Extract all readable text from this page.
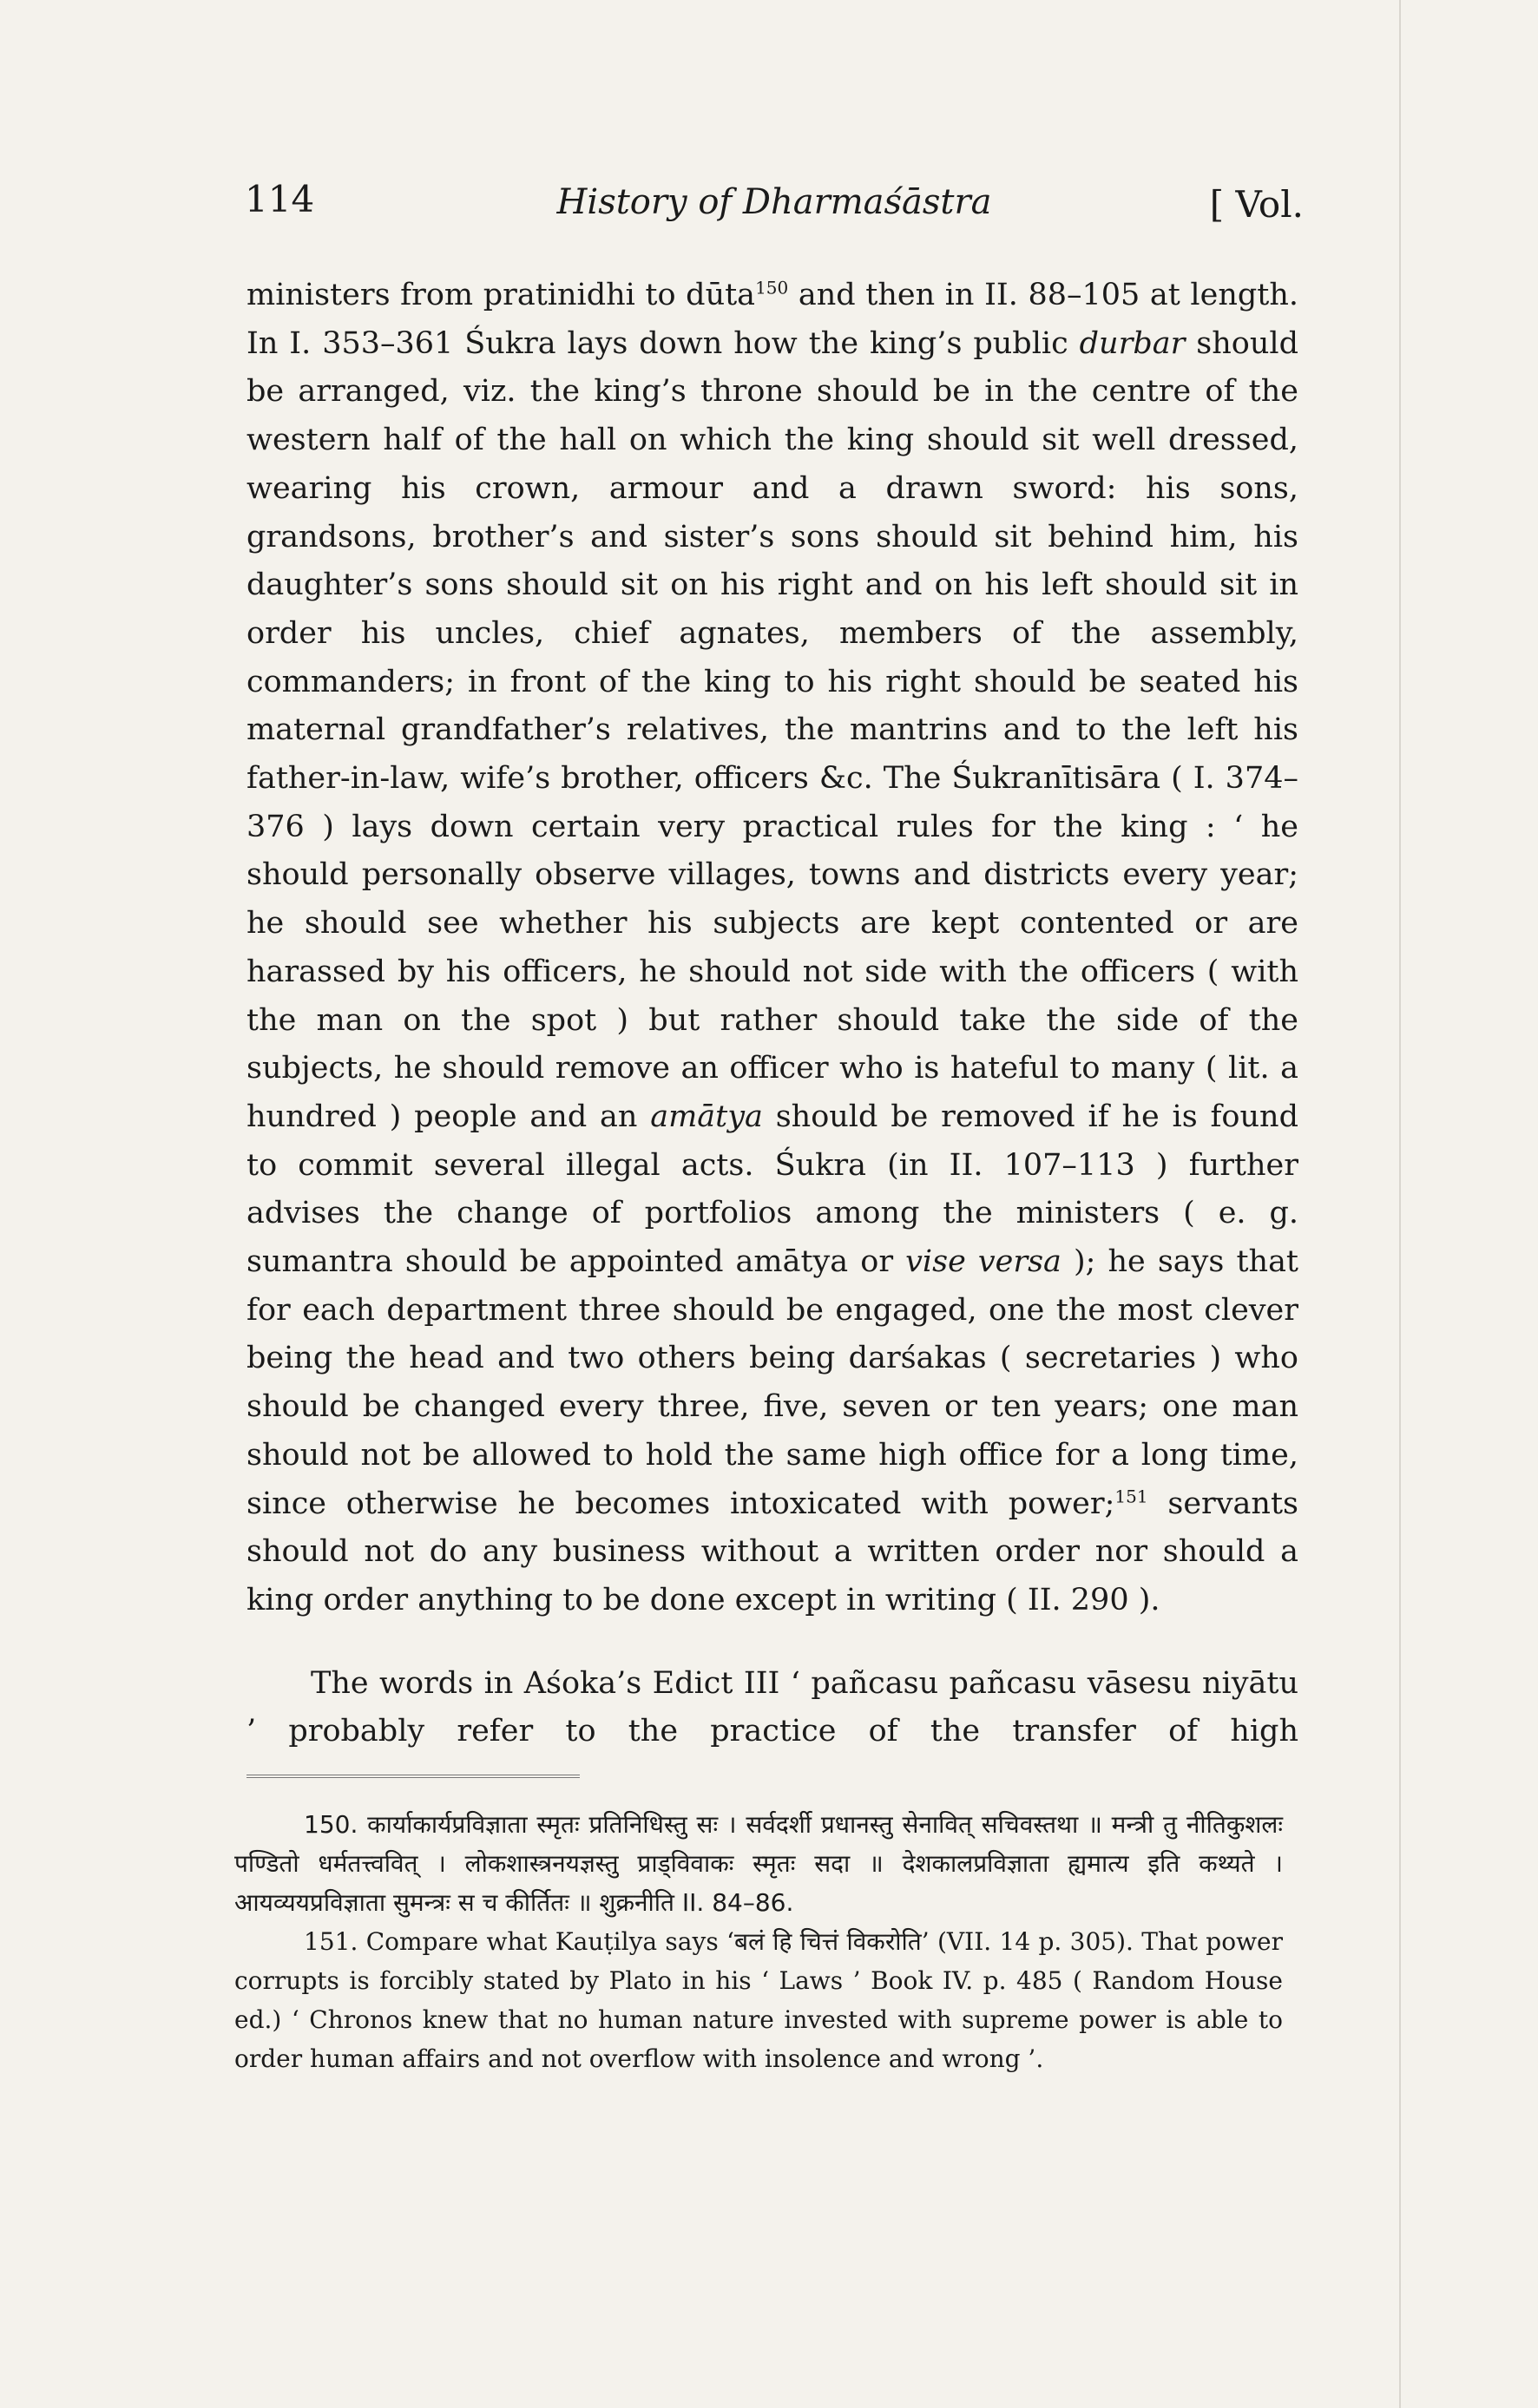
114	History of Dharmaśāstra	[ Vol.

ministers from pratinidhi to dūta$^{150}$ and then in II. 88–105 at length. In I. 353–361 Śukra lays down how the king’s public durbar should be arranged, viz. the king’s throne should be in the centre of the western half of the hall on which the king should sit well dressed, wearing his crown, armour and a drawn sword: his sons, grandsons, brother’s and sister’s sons should sit behind him, his daughter’s sons should sit on his right and on his left should sit in order his uncles, chief agnates, members of the assembly, commanders; in front of the king to his right should be seated his maternal grandfather’s relatives, the mantrins and to the left his father-in-law, wife’s brother, officers &c. The Śukranītisāra ( I. 374–376 ) lays down certain very practical rules for the king : ‘ he should personally observe villages, towns and districts every year; he should see whether his subjects are kept contented or are harassed by his officers, he should not side with the officers ( with the man on the spot ) but rather should take the side of the subjects, he should remove an officer who is hateful to many ( lit. a hundred ) people and an amātya should be removed if he is found to commit several illegal acts. Śukra (in II. 107–113 ) further advises the change of portfolios among the ministers ( e. g. sumantra should be appointed amātya or vise versa ); he says that for each department three should be engaged, one the most clever being the head and two others being darśakas ( secretaries ) who should be changed every three, five, seven or ten years; one man should not be allowed to hold the same high office for a long time, since otherwise he becomes intoxicated with power;$^{151}$ servants should not do any business without a written order nor should a king order anything to be done except in writing ( II. 290 ).

The words in Aśoka’s Edict III ‘ pañcasu pañcasu vāsesu niyātu ’ probably refer to the practice of the transfer of high

150. कार्याकार्यप्रविज्ञाता स्मृतः प्रतिनिधिस्तु सः । सर्वदर्शी प्रधानस्तु सेनावित् सचिवस्तथा ॥ मन्त्री तु नीतिकुशलः पण्डितो धर्मतत्त्ववित् । लोकशास्त्रनयज्ञस्तु प्राड्विवाकः स्मृतः सदा ॥ देशकालप्रविज्ञाता ह्यमात्य इति कथ्यते । आयव्ययप्रविज्ञाता सुमन्त्रः स च कीर्तितः ॥ शुक्रनीति II. 84–86.

151. Compare what Kauṭilya says ‘बलं हि चित्तं विकरोति’ (VII. 14 p. 305). That power corrupts is forcibly stated by Plato in his ‘ Laws ’ Book IV. p. 485 ( Random House ed.) ‘ Chronos knew that no human nature invested with supreme power is able to order human affairs and not overflow with insolence and wrong ’.
